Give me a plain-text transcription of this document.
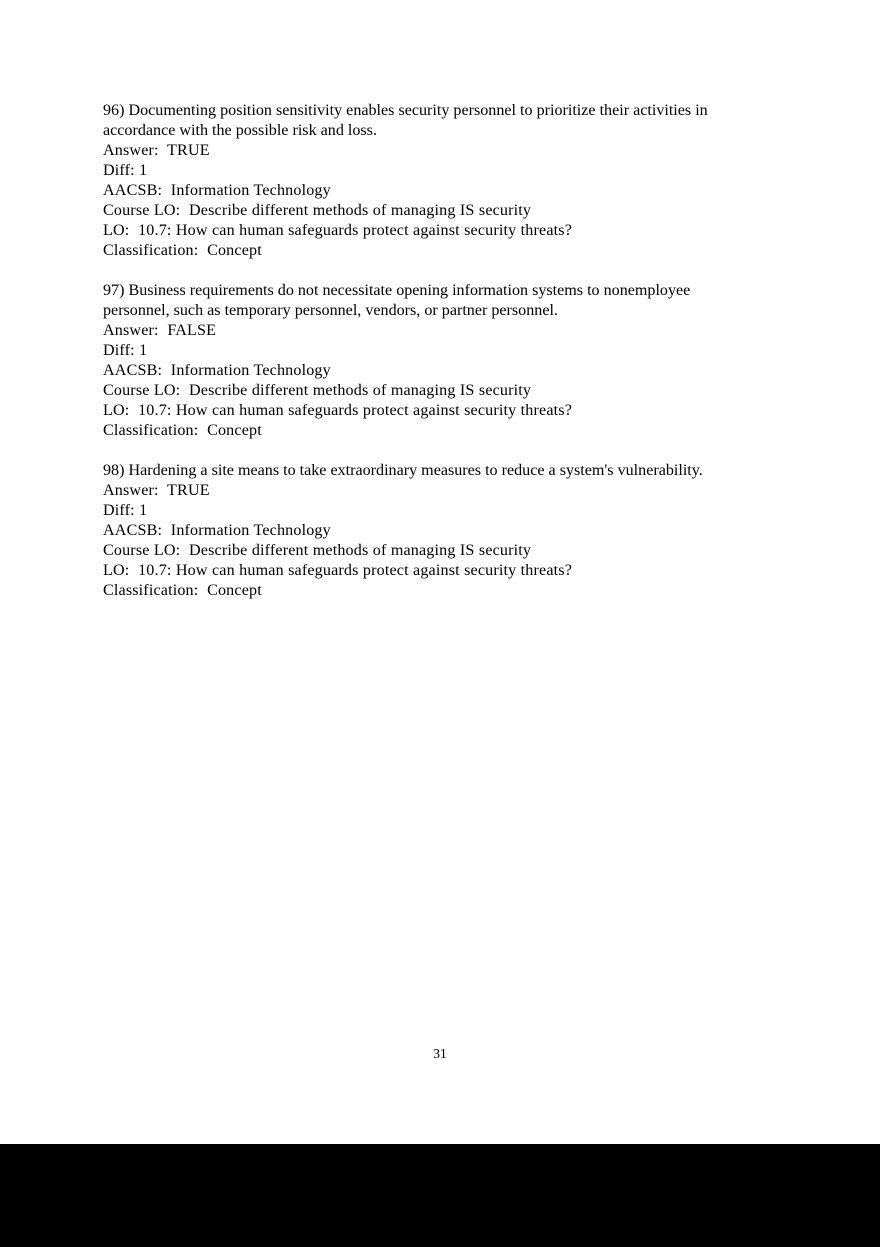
96) Documenting position sensitivity enables security personnel to prioritize their activities in accordance with the possible risk and loss.
Answer:  TRUE
Diff: 1
AACSB:  Information Technology
Course LO:  Describe different methods of managing IS security
LO:  10.7: How can human safeguards protect against security threats?
Classification:  Concept
97) Business requirements do not necessitate opening information systems to nonemployee personnel, such as temporary personnel, vendors, or partner personnel.
Answer:  FALSE
Diff: 1
AACSB:  Information Technology
Course LO:  Describe different methods of managing IS security
LO:  10.7: How can human safeguards protect against security threats?
Classification:  Concept
98) Hardening a site means to take extraordinary measures to reduce a system's vulnerability.
Answer:  TRUE
Diff: 1
AACSB:  Information Technology
Course LO:  Describe different methods of managing IS security
LO:  10.7: How can human safeguards protect against security threats?
Classification:  Concept
31
